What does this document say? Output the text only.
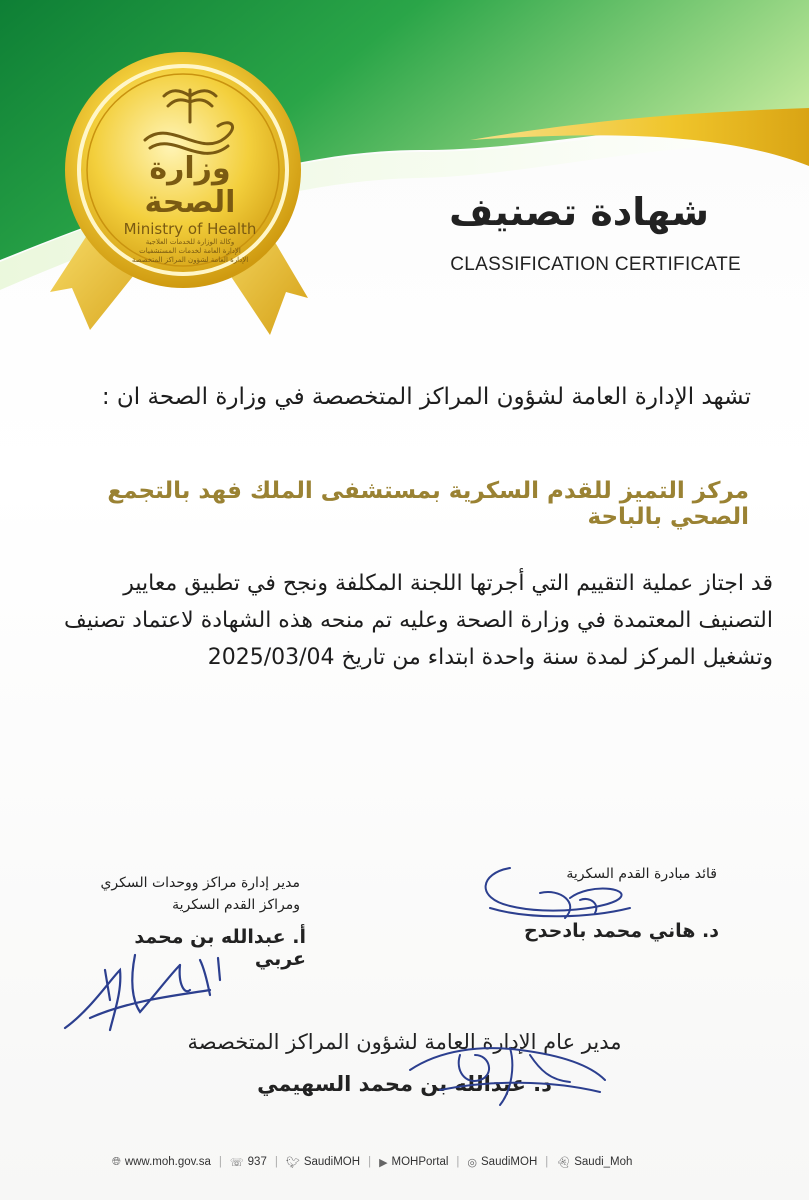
وزارة الصحة
Ministry of Health
وكالة الوزارة للخدمات العلاجية
الإدارة العامة لخدمات المستشفيات
الإدارة العامة لشؤون المراكز المتخصصة
شهادة تصنيف
CLASSIFICATION CERTIFICATE
تشهد الإدارة العامة لشؤون المراكز المتخصصة في وزارة الصحة ان :
مركز التميز للقدم السكرية بمستشفى الملك فهد بالتجمع الصحي بالباحة
قد اجتاز عملية التقييم التي أجرتها اللجنة المكلفة ونجح في تطبيق معايير
التصنيف المعتمدة في وزارة الصحة وعليه تم منحه هذه الشهادة لاعتماد تصنيف
وتشغيل المركز لمدة سنة واحدة ابتداء من تاريخ 2025/03/04
مدير إدارة مراكز ووحدات السكري
ومراكز القدم السكرية
أ. عبدالله بن محمد عربي
قائد مبادرة القدم السكرية
د. هاني محمد بادحدح
مدير عام الإدارة العامة لشؤون المراكز المتخصصة
د. عبدالله بن محمد السهيمي
🌐︎ www.moh.gov.sa | ☏ 937 | 🐦︎ SaudiMOH | ▶ MOHPortal | ◎ SaudiMOH | 👻︎ Saudi_Moh
